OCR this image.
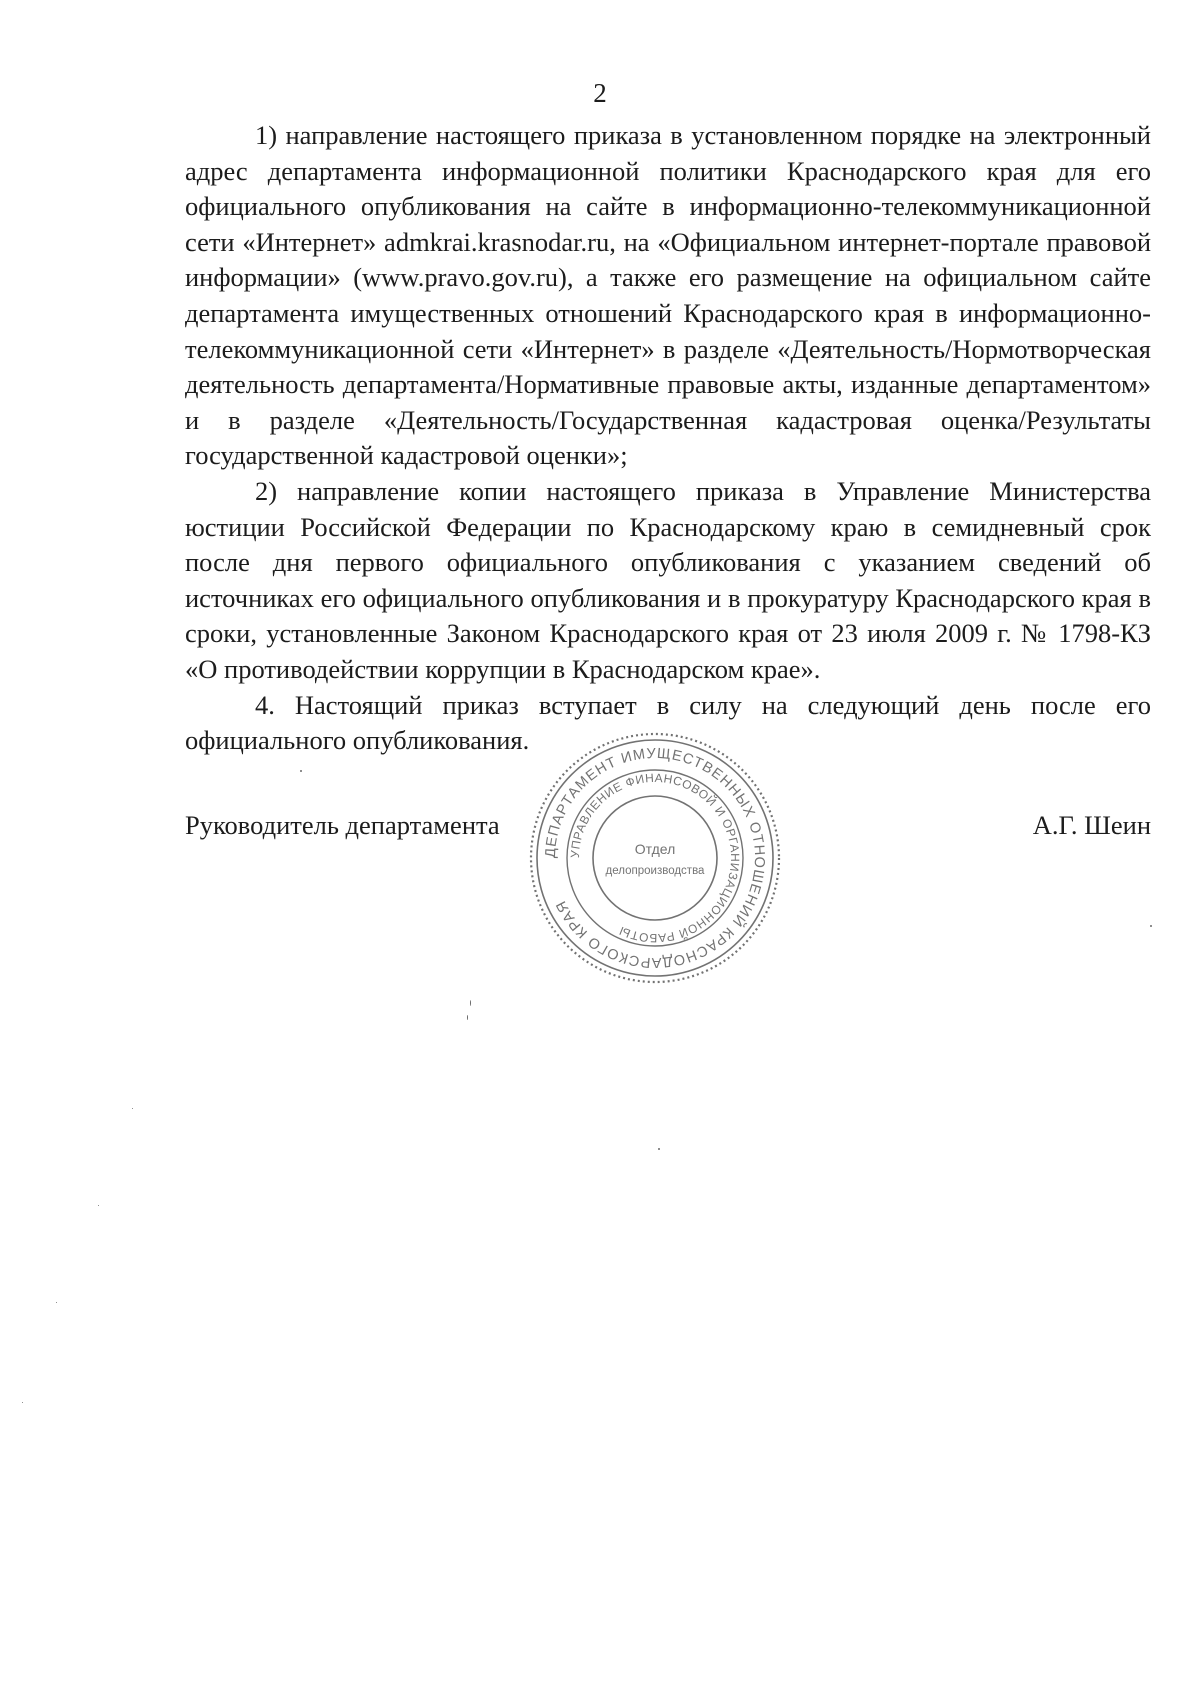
2

1) направление настоящего приказа в установленном порядке на электронный адрес департамента информационной политики Краснодарского края для его официального опубликования на сайте в информационно-телекоммуникационной сети «Интернет» admkrai.krasnodar.ru, на «Официальном интернет-портале правовой информации» (www.pravo.gov.ru), а также его размещение на официальном сайте департамента имущественных отношений Краснодарского края в информационно-телекоммуникационной сети «Интернет» в разделе «Деятельность/Нормотворческая деятельность департамента/Нормативные правовые акты, изданные департаментом» и в разделе «Деятельность/Государственная кадастровая оценка/Результаты государственной кадастровой оценки»;

2) направление копии настоящего приказа в Управление Министерства юстиции Российской Федерации по Краснодарскому краю в семидневный срок после дня первого официального опубликования с указанием сведений об источниках его официального опубликования и в прокуратуру Краснодарского края в сроки, установленные Законом Краснодарского края от 23 июля 2009 г. № 1798-КЗ «О противодействии коррупции в Краснодарском крае».

4. Настоящий приказ вступает в силу на следующий день после его официального опубликования.

Руководитель департамента	А.Г. Шеин
ДЕПАРТАМЕНТ ИМУЩЕСТВЕННЫХ ОТНОШЕНИЙ КРАСНОДАРСКОГО КРАЯ
УПРАВЛЕНИЕ ФИНАНСОВОЙ И ОРГАНИЗАЦИОННОЙ РАБОТЫ
Отдел
делопроизводства
